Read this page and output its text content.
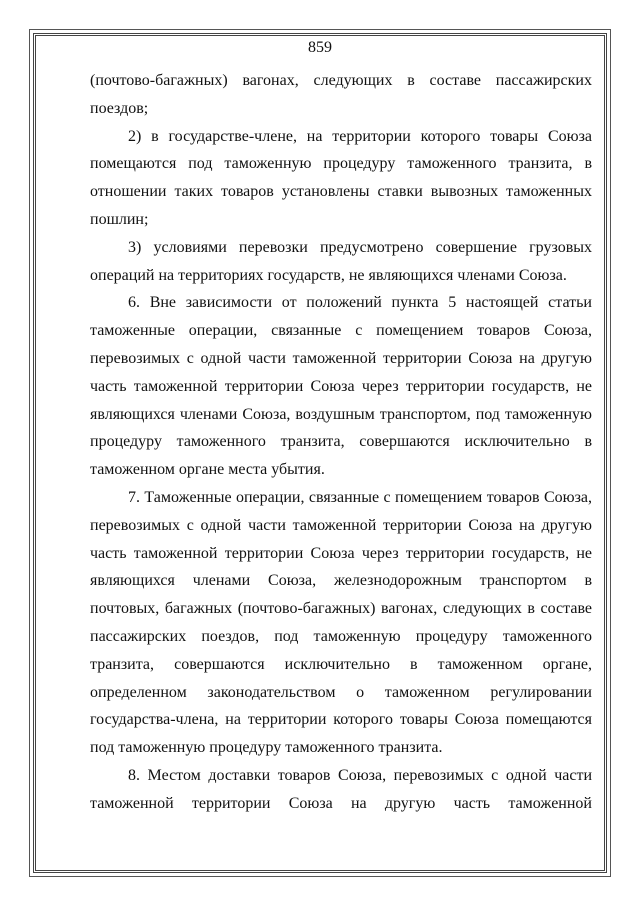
859

(почтово-багажных) вагонах, следующих в составе пассажирских поездов;

2) в государстве-члене, на территории которого товары Союза помещаются под таможенную процедуру таможенного транзита, в отношении таких товаров установлены ставки вывозных таможенных пошлин;

3) условиями перевозки предусмотрено совершение грузовых операций на территориях государств, не являющихся членами Союза.

6. Вне зависимости от положений пункта 5 настоящей статьи таможенные операции, связанные с помещением товаров Союза, перевозимых с одной части таможенной территории Союза на другую часть таможенной территории Союза через территории государств, не являющихся членами Союза, воздушным транспортом, под таможенную процедуру таможенного транзита, совершаются исключительно в таможенном органе места убытия.

7. Таможенные операции, связанные с помещением товаров Союза, перевозимых с одной части таможенной территории Союза на другую часть таможенной территории Союза через территории государств, не являющихся членами Союза, железнодорожным транспортом в почтовых, багажных (почтово-багажных) вагонах, следующих в составе пассажирских поездов, под таможенную процедуру таможенного транзита, совершаются исключительно в таможенном органе, определенном законодательством о таможенном регулировании государства-члена, на территории которого товары Союза помещаются под таможенную процедуру таможенного транзита.

8. Местом доставки товаров Союза, перевозимых с одной части таможенной территории Союза на другую часть таможенной
